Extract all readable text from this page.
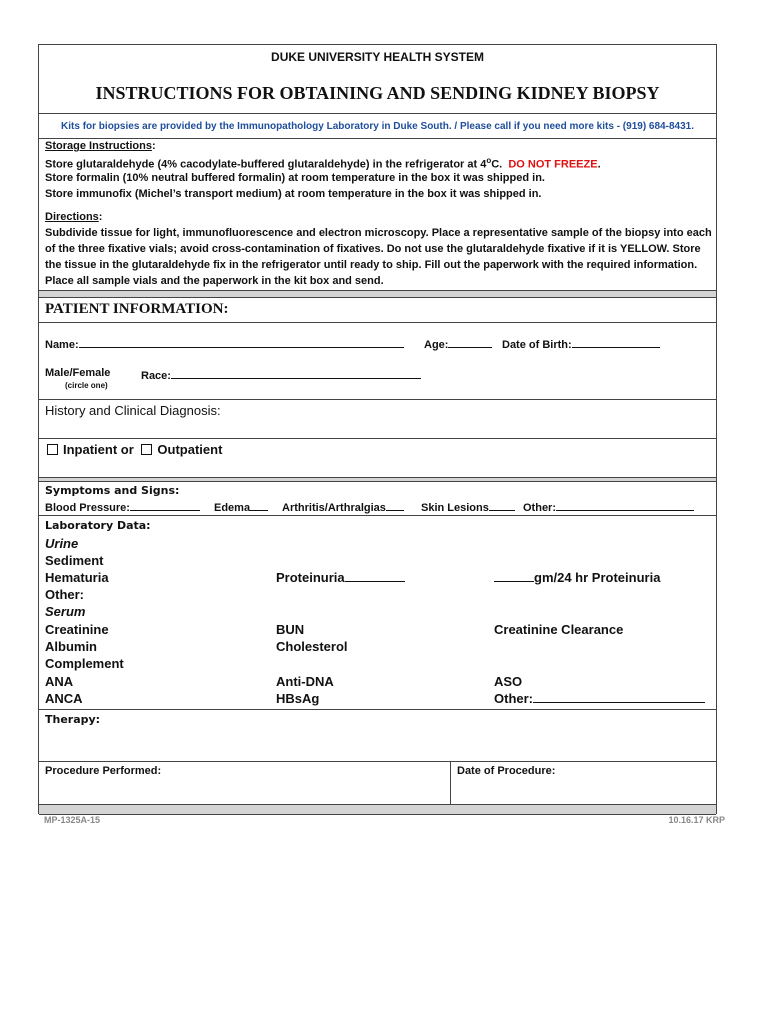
DUKE UNIVERSITY HEALTH SYSTEM
INSTRUCTIONS FOR OBTAINING AND SENDING KIDNEY BIOPSY
Kits for biopsies are provided by the Immunopathology Laboratory in Duke South. / Please call if you need more kits - (919) 684-8431.
Storage Instructions:
Store glutaraldehyde (4% cacodylate-buffered glutaraldehyde) in the refrigerator at 4$^o$C. DO NOT FREEZE.
Store formalin (10% neutral buffered formalin) at room temperature in the box it was shipped in.
Store immunofix (Michel’s transport medium) at room temperature in the box it was shipped in.
Directions:
Subdivide tissue for light, immunofluorescence and electron microscopy. Place a representative sample of the biopsy into each
of the three fixative vials; avoid cross-contamination of fixatives. Do not use the glutaraldehyde fixative if it is YELLOW. Store
the tissue in the glutaraldehyde fix in the refrigerator until ready to ship. Fill out the paperwork with the required information.
Place all sample vials and the paperwork in the kit box and send.
PATIENT INFORMATION:
Name:	Age:	Date of Birth:
Male/Female
(circle one)
Race:
History and Clinical Diagnosis:
Inpatient or Outpatient
Symptoms and Signs:
Blood Pressure:	Edema	Arthritis/Arthralgias	Skin Lesions	Other:
Laboratory Data:
Urine
Sediment
Hematuria	Proteinuria	gm/24 hr Proteinuria
Other:
Serum
Creatinine	BUN	Creatinine Clearance
Albumin	Cholesterol
Complement
ANA	Anti-DNA	ASO
ANCA	HBsAg	Other:
Therapy:
Procedure Performed:	Date of Procedure:
MP-1325A-15	10.16.17 KRP
